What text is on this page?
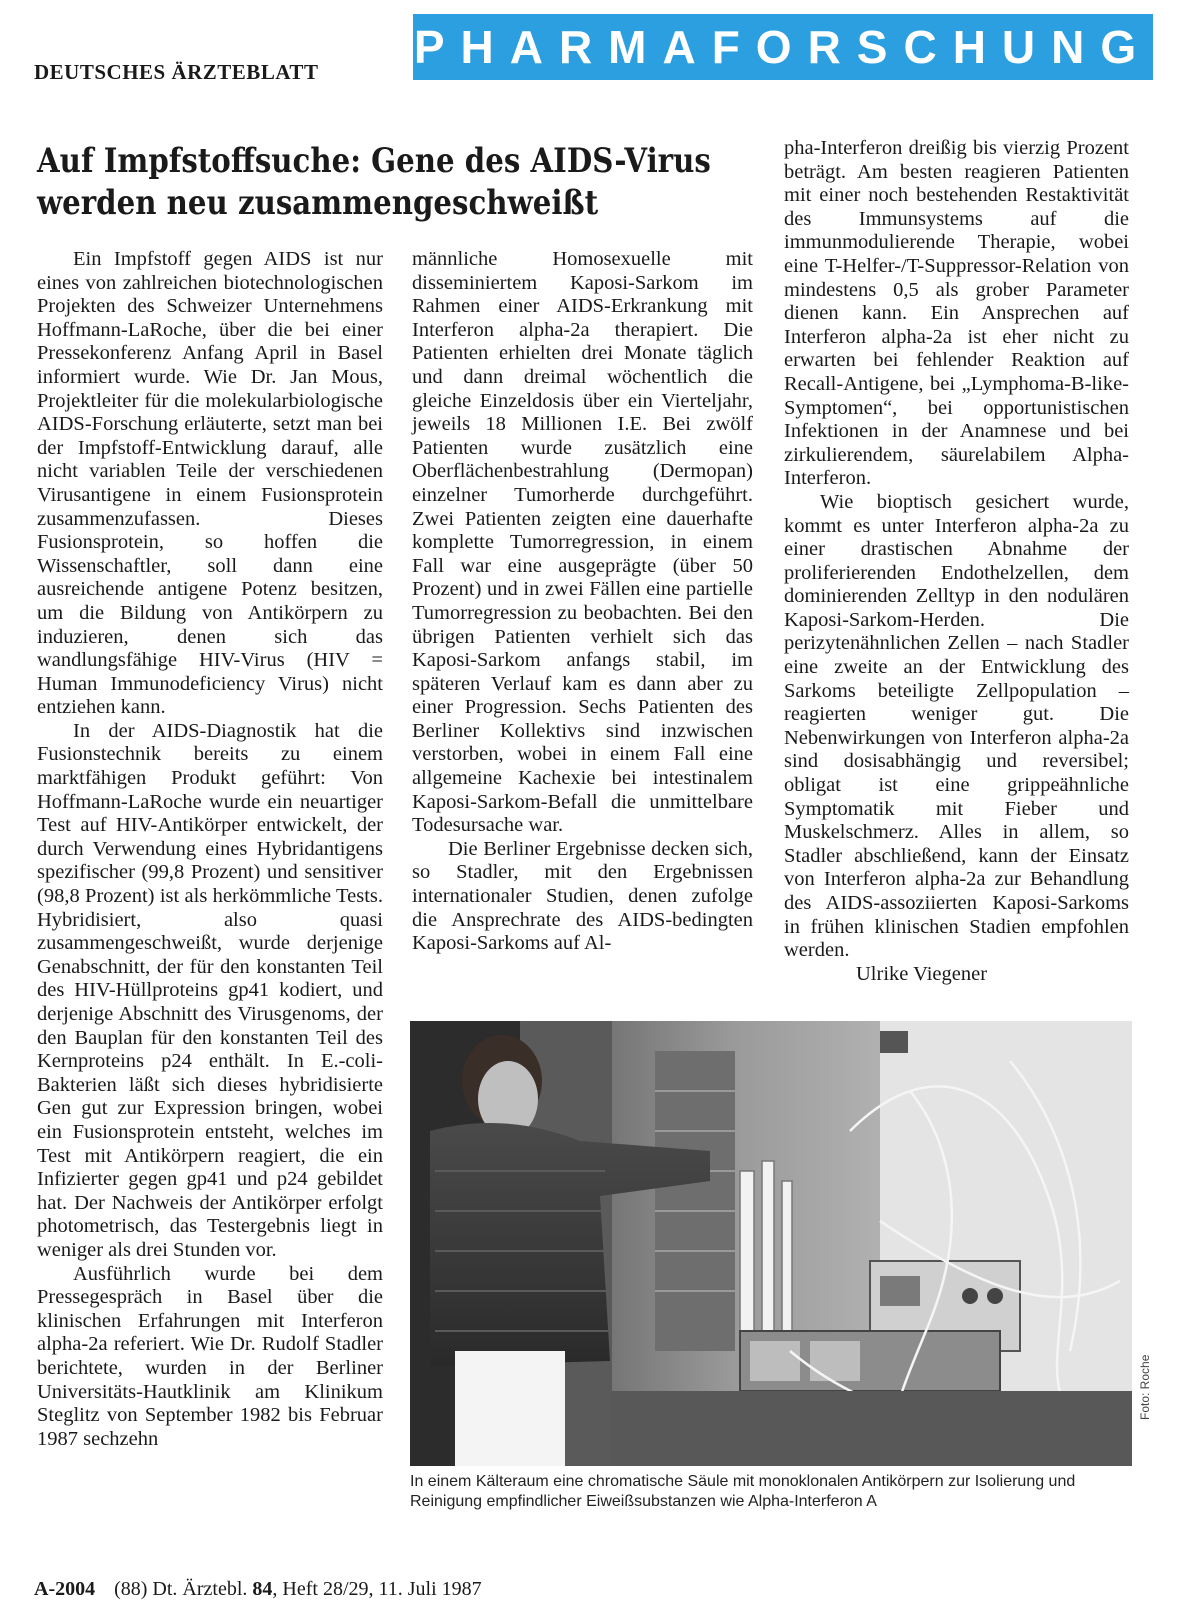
DEUTSCHES ÄRZTEBLATT PHARMAFORSCHUNG
Auf Impfstoffsuche: Gene des AIDS-Virus
werden neu zusammengeschweißt

Ein Impfstoff gegen AIDS ist nur eines von zahlreichen biotechnologischen Projekten des Schweizer Unternehmens Hoffmann-LaRoche, über die bei einer Pressekonferenz Anfang April in Basel informiert wurde. Wie Dr. Jan Mous, Projektleiter für die molekularbiologische AIDS-Forschung erläuterte, setzt man bei der Impfstoff-Entwicklung darauf, alle nicht variablen Teile der verschiedenen Virusantigene in einem Fusionsprotein zusammenzufassen. Dieses Fusionsprotein, so hoffen die Wissenschaftler, soll dann eine ausreichende antigene Potenz besitzen, um die Bildung von Antikörpern zu induzieren, denen sich das wandlungsfähige HIV-Virus (HIV = Human Immunodeficiency Virus) nicht entziehen kann.

In der AIDS-Diagnostik hat die Fusionstechnik bereits zu einem marktfähigen Produkt geführt: Von Hoffmann-LaRoche wurde ein neuartiger Test auf HIV-Antikörper entwickelt, der durch Verwendung eines Hybridantigens spezifischer (99,8 Prozent) und sensitiver (98,8 Prozent) ist als herkömmliche Tests. Hybridisiert, also quasi zusammengeschweißt, wurde derjenige Genabschnitt, der für den konstanten Teil des HIV-Hüllproteins gp41 kodiert, und derjenige Abschnitt des Virusgenoms, der den Bauplan für den konstanten Teil des Kernproteins p24 enthält. In E.-coli-Bakterien läßt sich dieses hybridisierte Gen gut zur Expression bringen, wobei ein Fusionsprotein entsteht, welches im Test mit Antikörpern reagiert, die ein Infizierter gegen gp41 und p24 gebildet hat. Der Nachweis der Antikörper erfolgt photometrisch, das Testergebnis liegt in weniger als drei Stunden vor.

Ausführlich wurde bei dem Pressegespräch in Basel über die klinischen Erfahrungen mit Interferon alpha-2a referiert. Wie Dr. Rudolf Stadler berichtete, wurden in der Berliner Universitäts-Hautklinik am Klinikum Steglitz von September 1982 bis Februar 1987 sechzehn

männliche Homosexuelle mit disseminiertem Kaposi-Sarkom im Rahmen einer AIDS-Erkrankung mit Interferon alpha-2a therapiert. Die Patienten erhielten drei Monate täglich und dann dreimal wöchentlich die gleiche Einzeldosis über ein Vierteljahr, jeweils 18 Millionen I.E. Bei zwölf Patienten wurde zusätzlich eine Oberflächenbestrahlung (Dermopan) einzelner Tumorherde durchgeführt. Zwei Patienten zeigten eine dauerhafte komplette Tumorregression, in einem Fall war eine ausgeprägte (über 50 Prozent) und in zwei Fällen eine partielle Tumorregression zu beobachten. Bei den übrigen Patienten verhielt sich das Kaposi-Sarkom anfangs stabil, im späteren Verlauf kam es dann aber zu einer Progression. Sechs Patienten des Berliner Kollektivs sind inzwischen verstorben, wobei in einem Fall eine allgemeine Kachexie bei intestinalem Kaposi-Sarkom-Befall die unmittelbare Todesursache war.

Die Berliner Ergebnisse decken sich, so Stadler, mit den Ergebnissen internationaler Studien, denen zufolge die Ansprechrate des AIDS-bedingten Kaposi-Sarkoms auf Al-

pha-Interferon dreißig bis vierzig Prozent beträgt. Am besten reagieren Patienten mit einer noch bestehenden Restaktivität des Immunsystems auf die immunmodulierende Therapie, wobei eine T-Helfer-/T-Suppressor-Relation von mindestens 0,5 als grober Parameter dienen kann. Ein Ansprechen auf Interferon alpha-2a ist eher nicht zu erwarten bei fehlender Reaktion auf Recall-Antigene, bei „Lymphoma-B-like-Symptomen“, bei opportunistischen Infektionen in der Anamnese und bei zirkulierendem, säurelabilem Alpha-Interferon.

Wie bioptisch gesichert wurde, kommt es unter Interferon alpha-2a zu einer drastischen Abnahme der proliferierenden Endothelzellen, dem dominierenden Zelltyp in den nodulären Kaposi-Sarkom-Herden. Die perizytenähnlichen Zellen – nach Stadler eine zweite an der Entwicklung des Sarkoms beteiligte Zellpopulation – reagierten weniger gut. Die Nebenwirkungen von Interferon alpha-2a sind dosisabhängig und reversibel; obligat ist eine grippeähnliche Symptomatik mit Fieber und Muskelschmerz. Alles in allem, so Stadler abschließend, kann der Einsatz von Interferon alpha-2a zur Behandlung des AIDS-assoziierten Kaposi-Sarkoms in frühen klinischen Stadien empfohlen werden.

Ulrike Viegener

Foto: Roche
In einem Kälteraum eine chromatische Säule mit monoklonalen Antikörpern zur Isolierung und Reinigung empfindlicher Eiweißsubstanzen wie Alpha-Interferon A
A-2004 (88) Dt. Ärztebl. 84, Heft 28/29, 11. Juli 1987
